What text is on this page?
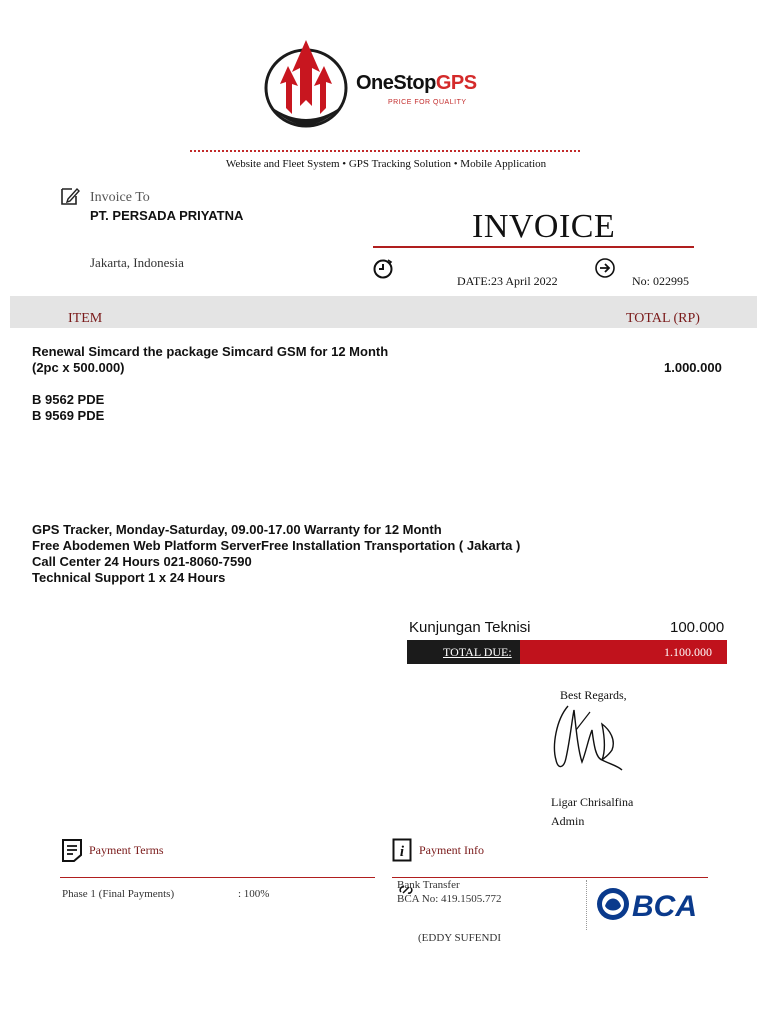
OneStopGPS
PRICE FOR QUALITY
Website and Fleet System • GPS Tracking Solution • Mobile Application
Invoice To
PT. PERSADA PRIYATNA
Jakarta, Indonesia
INVOICE
DATE:23 April 2022	No: 022995
ITEM	TOTAL (RP)
Renewal Simcard the package Simcard GSM for 12 Month
(2pc x 500.000)	1.000.000
B 9562 PDE
B 9569 PDE
GPS Tracker, Monday-Saturday, 09.00-17.00 Warranty for 12 Month
Free Abodemen Web Platform ServerFree Installation Transportation ( Jakarta )
Call Center 24 Hours 021-8060-7590
Technical Support 1 x 24 Hours
Kunjungan Teknisi	100.000
TOTAL DUE:	1.100.000
Best Regards,
Ligar Chrisalfina
Admin
Payment Terms
Phase 1 (Final Payments)	: 100%
i Payment Info
Bank Transfer
BCA No: 419.1505.772
(EDDY SUFENDI
BCA
